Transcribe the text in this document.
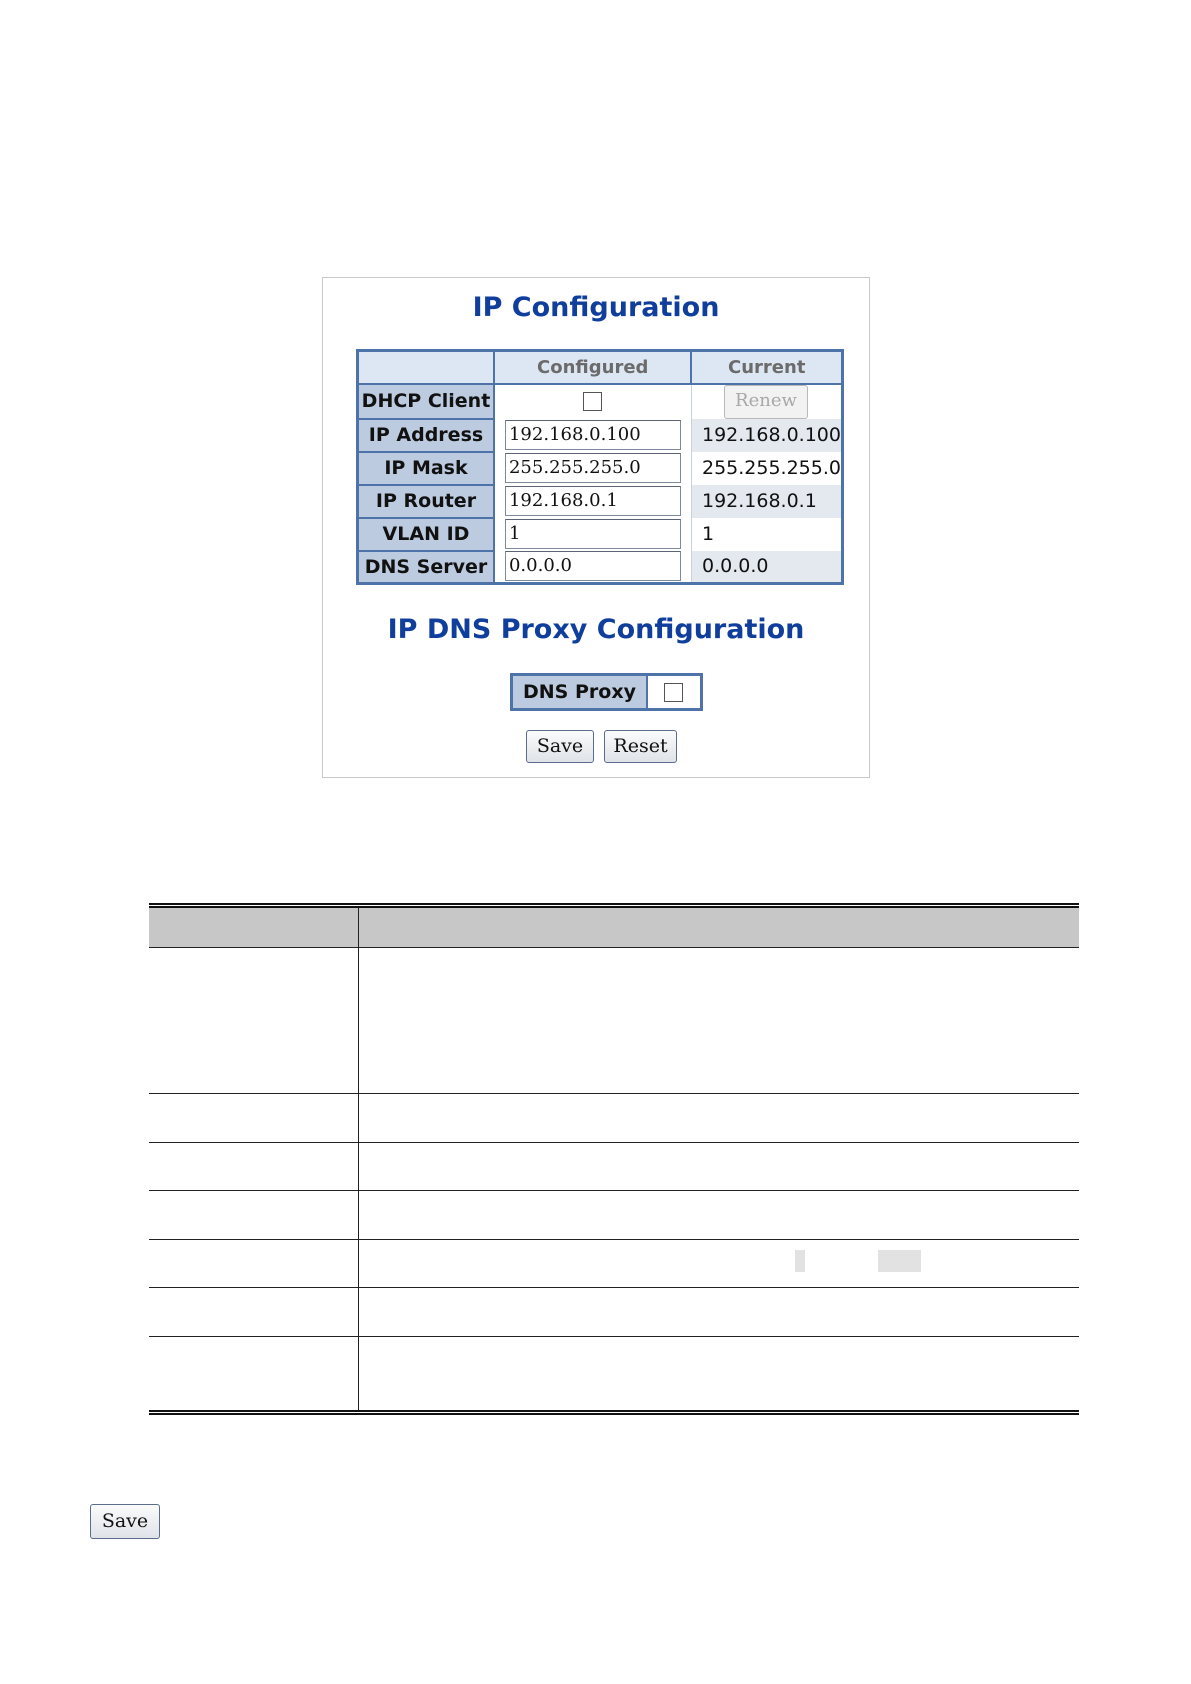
IP Configuration
	Configured	Current
DHCP Client		Renew

IP Address	192.168.0.100	192.168.0.100
IP Mask	255.255.255.0	255.255.255.0
IP Router	192.168.0.1	192.168.0.1
VLAN ID	1	1
DNS Server	0.0.0.0	0.0.0.0
IP DNS Proxy Configuration
DNS Proxy	
Save	Reset
Save
